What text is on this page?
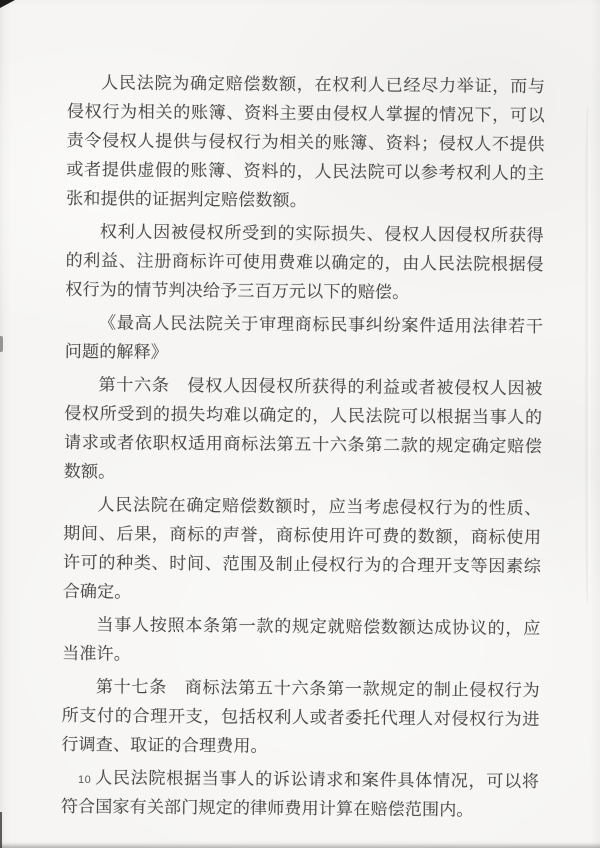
人民法院为确定赔偿数额，在权利人已经尽力举证，而与侵权行为相关的账簿、资料主要由侵权人掌握的情况下，可以责令侵权人提供与侵权行为相关的账簿、资料；侵权人不提供或者提供虚假的账簿、资料的，人民法院可以参考权利人的主张和提供的证据判定赔偿数额。

权利人因被侵权所受到的实际损失、侵权人因侵权所获得的利益、注册商标许可使用费难以确定的，由人民法院根据侵权行为的情节判决给予三百万元以下的赔偿。

《最高人民法院关于审理商标民事纠纷案件适用法律若干问题的解释》

第十六条　侵权人因侵权所获得的利益或者被侵权人因被侵权所受到的损失均难以确定的，人民法院可以根据当事人的请求或者依职权适用商标法第五十六条第二款的规定确定赔偿数额。

人民法院在确定赔偿数额时，应当考虑侵权行为的性质、期间、后果，商标的声誉，商标使用许可费的数额，商标使用许可的种类、时间、范围及制止侵权行为的合理开支等因素综合确定。

当事人按照本条第一款的规定就赔偿数额达成协议的，应当准许。

第十七条　商标法第五十六条第一款规定的制止侵权行为所支付的合理开支，包括权利人或者委托代理人对侵权行为进行调查、取证的合理费用。

人民法院根据当事人的诉讼请求和案件具体情况，可以将符合国家有关部门规定的律师费用计算在赔偿范围内。

10
